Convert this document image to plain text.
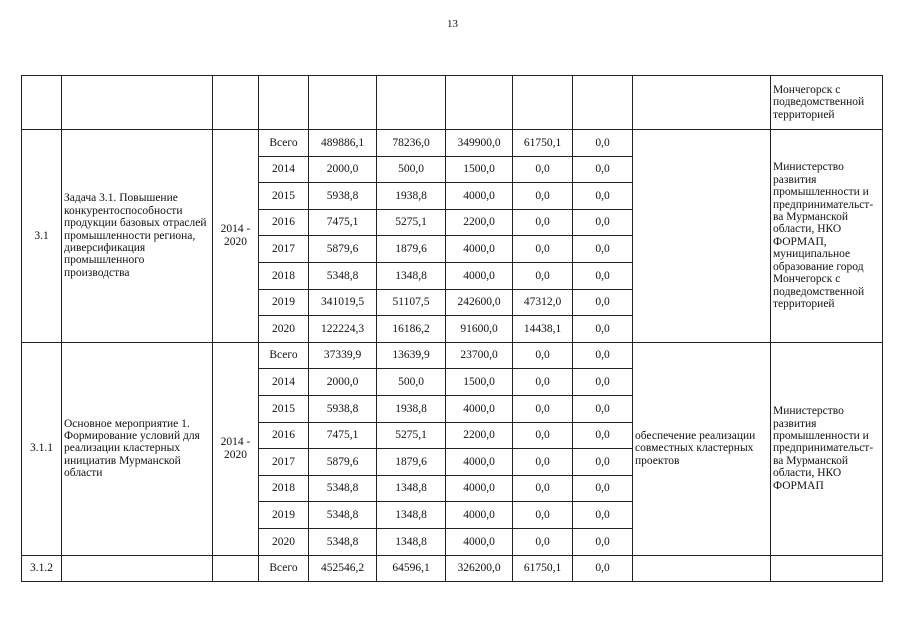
13
										Мончегорск с подведомственной территорией
3.1	Задача 3.1. Повышение конкурентоспособности продукции базовых отраслей промышленности региона, диверсификация промышленного производства	2014 - 2020	Всего	489886,1	78236,0	349900,0	61750,1	0,0		Министерство развития промышленности и предпринимательст-ва Мурманской области, НКО ФОРМАП, муниципальное образование город Мончегорск с подведомственной территорией
			2014	2000,0	500,0	1500,0	0,0	0,0		
			2015	5938,8	1938,8	4000,0	0,0	0,0		
			2016	7475,1	5275,1	2200,0	0,0	0,0		
			2017	5879,6	1879,6	4000,0	0,0	0,0		
			2018	5348,8	1348,8	4000,0	0,0	0,0		
			2019	341019,5	51107,5	242600,0	47312,0	0,0		
			2020	122224,3	16186,2	91600,0	14438,1	0,0		
3.1.1	Основное мероприятие 1. Формирование условий для реализации кластерных инициатив Мурманской области	2014 - 2020	Всего	37339,9	13639,9	23700,0	0,0	0,0	обеспечение реализации совместных кластерных проектов	Министерство развития промышленности и предпринимательст-ва Мурманской области, НКО ФОРМАП
			2014	2000,0	500,0	1500,0	0,0	0,0		
			2015	5938,8	1938,8	4000,0	0,0	0,0		
			2016	7475,1	5275,1	2200,0	0,0	0,0		
			2017	5879,6	1879,6	4000,0	0,0	0,0		
			2018	5348,8	1348,8	4000,0	0,0	0,0		
			2019	5348,8	1348,8	4000,0	0,0	0,0		
			2020	5348,8	1348,8	4000,0	0,0	0,0		
3.1.2			Всего	452546,2	64596,1	326200,0	61750,1	0,0		
